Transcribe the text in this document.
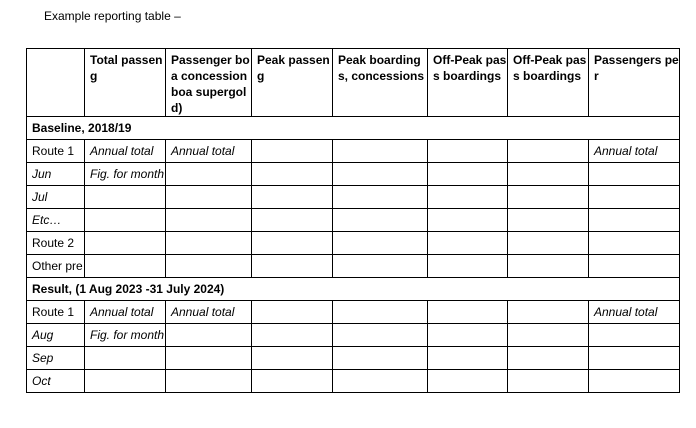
Example reporting table –

	Total passeng	Passenger boa concession boa supergold)	Peak passeng	Peak boardings, concessions	Off-Peak pass boardings	Off-Peak pass boardings	Passengers per

Baseline, 2018/19							
Route 1	Annual total	Annual total					Annual total
Jun	Fig. for month						
Jul							
Etc…							
Route 2							
Other pre							
Result, (1 Aug 2023 -31 July 2024)							
Route 1	Annual total	Annual total					Annual total
Aug	Fig. for month						
Sep							
Oct							
